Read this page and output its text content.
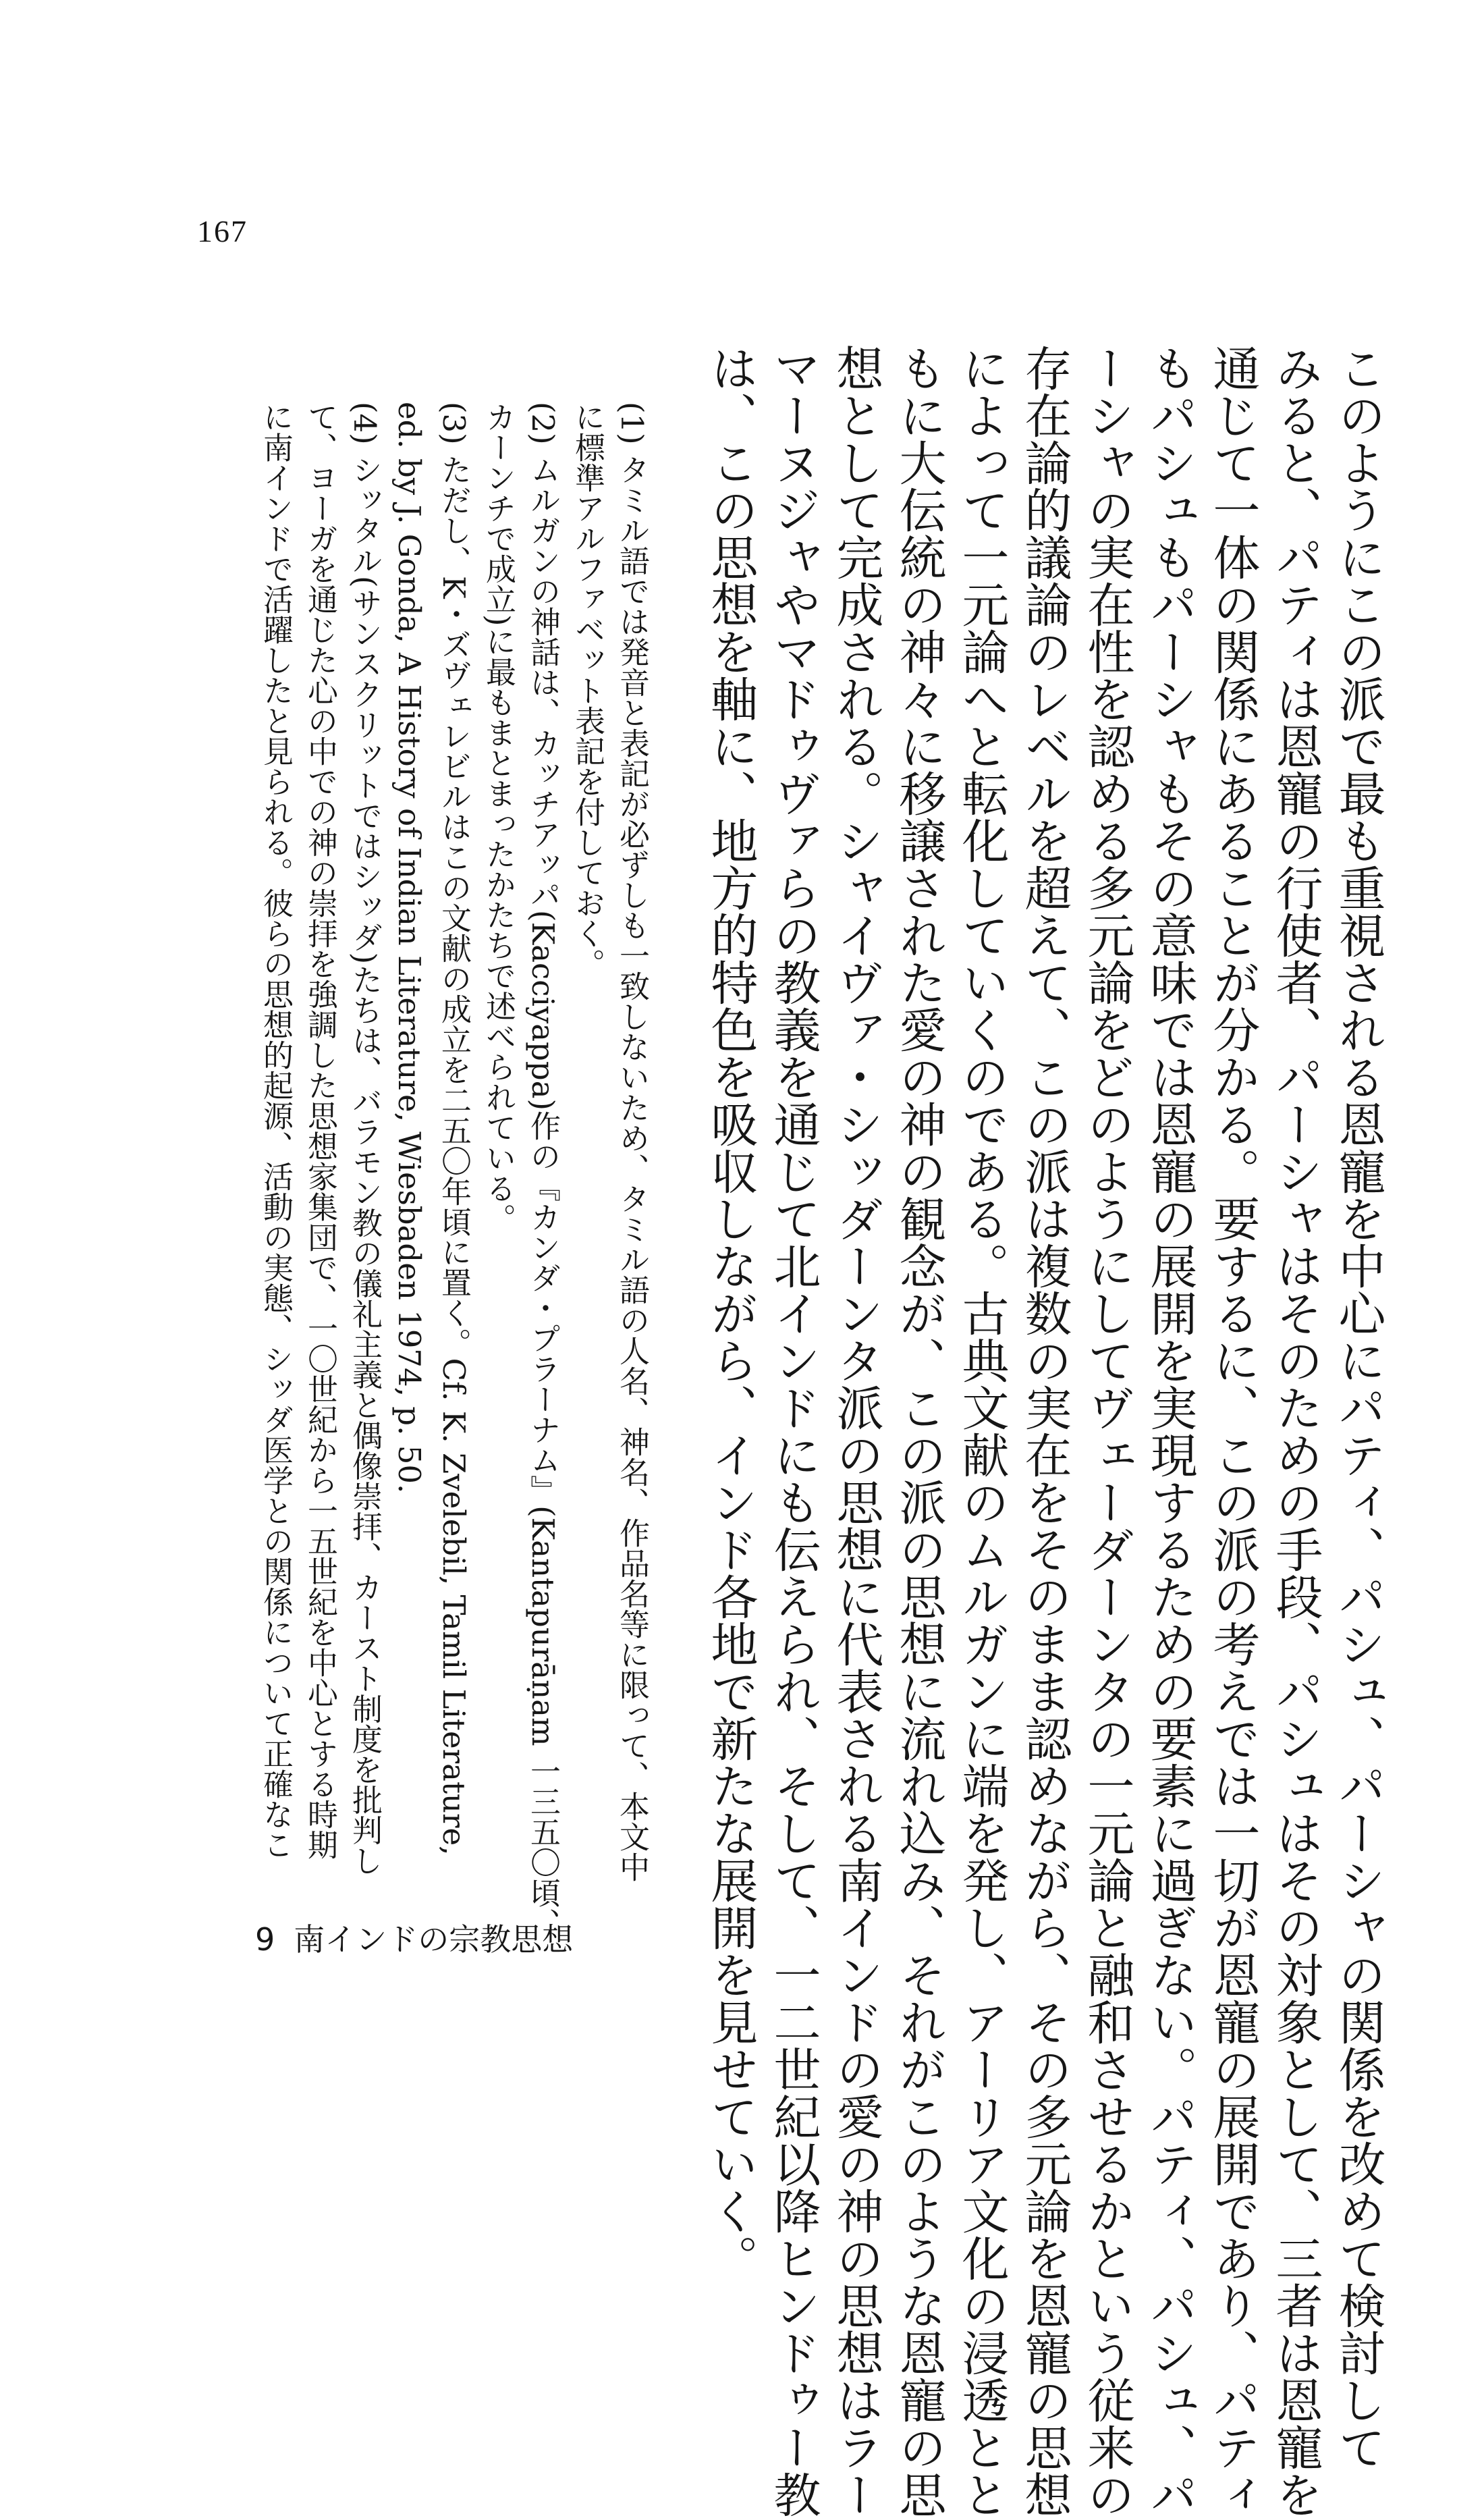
167
このようにこの派で最も重視される恩寵を中心にパティ、パシュ、パーシャの関係を改めて検討して
みると、パティは恩寵の行使者、パーシャはそのための手段、パシュはその対象として、三者は恩寵を
通じて一体の関係にあることが分かる。要するに、この派の考えでは一切が恩寵の展開であり、パティ
もパシュもパーシャもその意味では恩寵の展開を実現するための要素に過ぎない。パティ、パシュ、パ
ーシャの実在性を認める多元論をどのようにしてヴェーダーンタの一元論と融和させるかという従来の
存在論的議論のレベルを超えて、この派は複数の実在をそのまま認めながら、その多元論を恩寵の思想
によって一元論へと転化していくのである。古典文献のムルガンに端を発し、アーリア文化の浸透とと
もに大伝統の神々に移譲された愛の神の観念が、この派の思想に流れ込み、それがこのような恩寵の思
想として完成される。シャイヴァ・シッダーンタ派の思想に代表される南インドの愛の神の思想はラー
マーヌジャやマドゥヴァらの教義を通じて北インドにも伝えられ、そして、一二世紀以降ヒンドゥー教
は、この思想を軸に、地方的特色を吸収しながら、インド各地で新たな展開を見せていく。
(1) タミル語では発音と表記が必ずしも一致しないため、タミル語の人名、神名、作品名等に限って、本文中
に標準アルファベット表記を付しておく。
(2) ムルガンの神話は、カッチアッパ(Kacciyappa)作の『カンダ・プラーナム』(Kantapurāṇam 一三五〇頃、
カーンチで成立)に最もまとまったかたちで述べられている。
(3) ただし、K・ズヴェレビルはこの文献の成立を二五〇年頃に置く。Cf. K. Zvelebil, Tamil Literature,
ed. by J. Gonda, A History of Indian Literature, Wiesbaden 1974, p. 50.
(4) シッタル(サンスクリットではシッダ)たちは、バラモン教の儀礼主義と偶像崇拝、カースト制度を批判し
て、ヨーガを通じた心の中での神の崇拝を強調した思想家集団で、一〇世紀から一五世紀を中心とする時期
に南インドで活躍したと見られる。彼らの思想的起源、活動の実態、シッダ医学との関係について正確なこ
9 南インドの宗教思想
